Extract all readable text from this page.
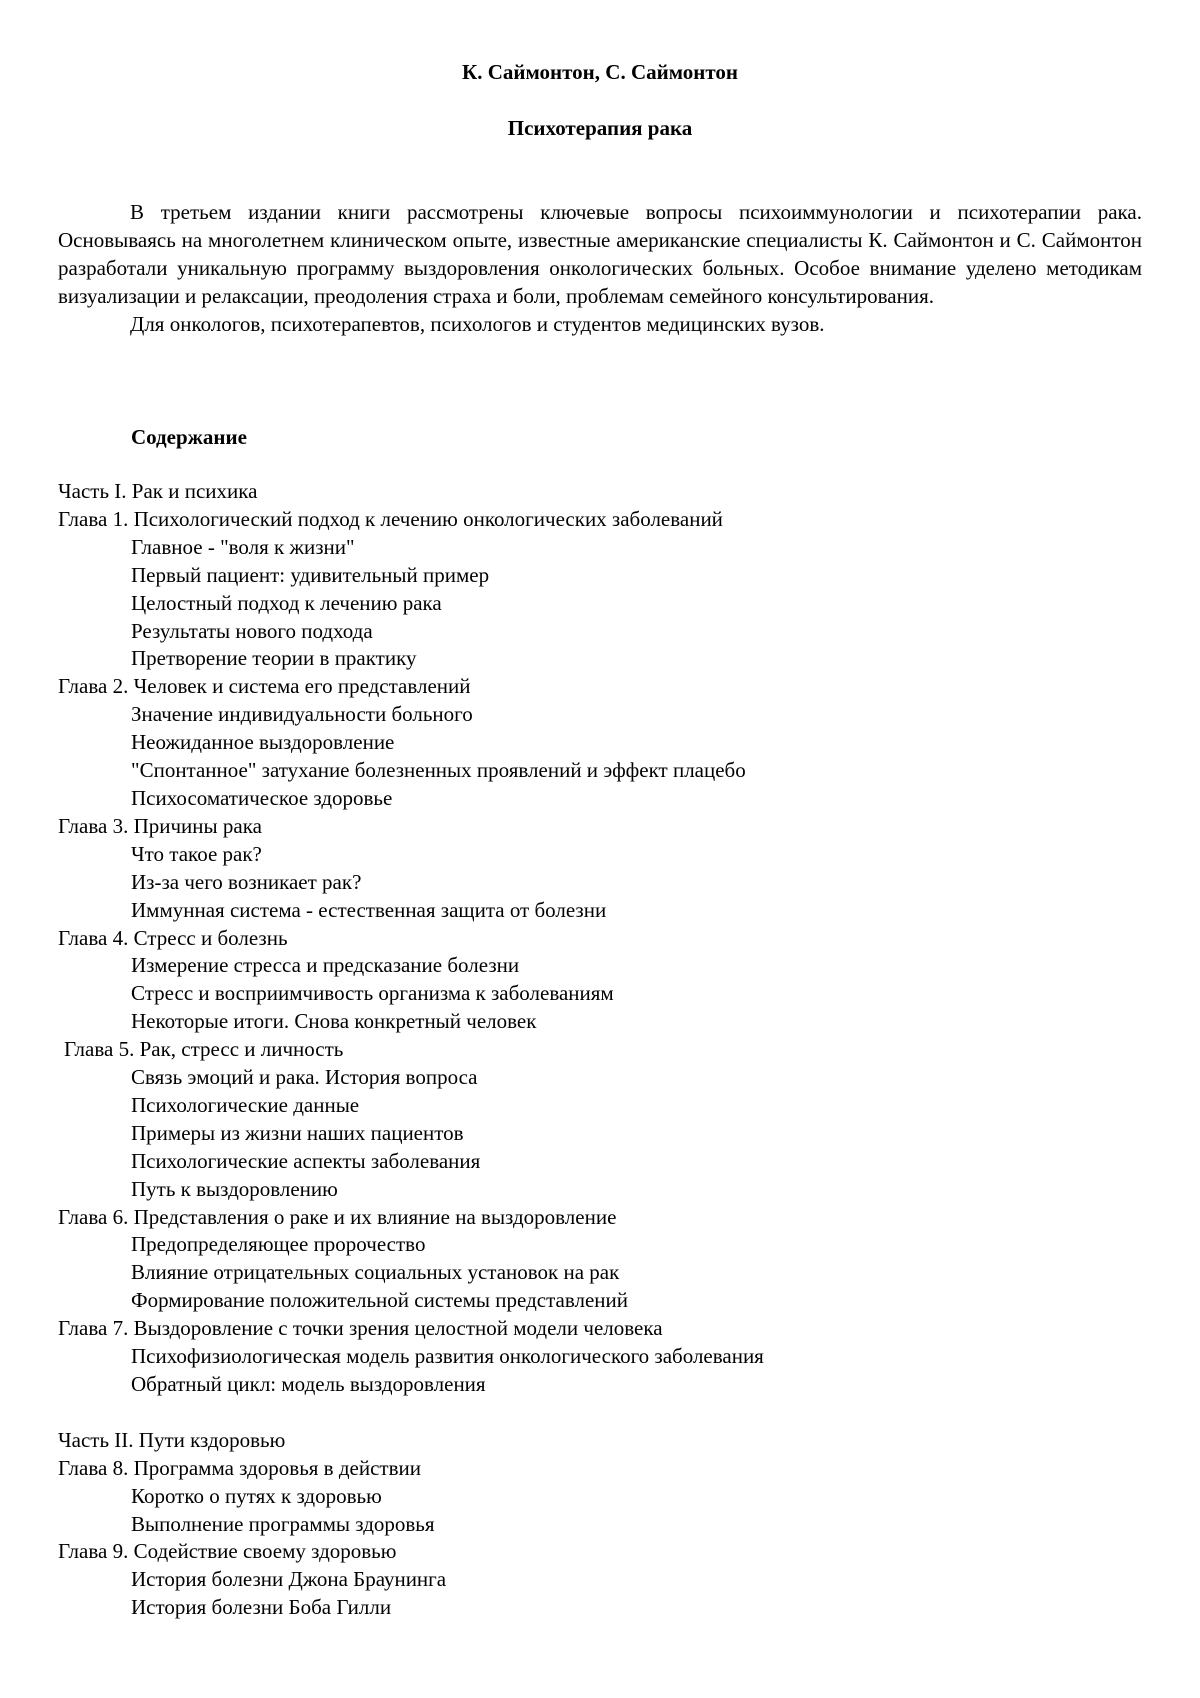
К. Саймонтон, С. Саймонтон
Психотерапия рака

В третьем издании книги рассмотрены ключевые вопросы психоиммунологии и психотерапии рака. Основываясь на многолетнем клиническом опыте, известные американские специалисты К. Саймонтон и С. Саймонтон разработали уникальную программу выздоровления онкологических больных. Особое внимание уделено методикам визуализации и релаксации, преодоления страха и боли, проблемам семейного консультирования.

Для онкологов, психотерапевтов, психологов и студентов медицинских вузов.

Содержание
Часть I. Рак и психика
Глава 1. Психологический подход к лечению онкологических заболеваний
Главное - "воля к жизни"
Первый пациент: удивительный пример
Целостный подход к лечению рака
Результаты нового подхода
Претворение теории в практику
Глава 2. Человек и система его представлений
Значение индивидуальности больного
Неожиданное выздоровление
"Спонтанное" затухание болезненных проявлений и эффект плацебо
Психосоматическое здоровье
Глава 3. Причины рака
Что такое рак?
Из-за чего возникает рак?
Иммунная система - естественная защита от болезни
Глава 4. Стресс и болезнь
Измерение стресса и предсказание болезни
Стресс и восприимчивость организма к заболеваниям
Некоторые итоги. Снова конкретный человек
Глава 5. Рак, стресс и личность
Связь эмоций и рака. История вопроса
Психологические данные
Примеры из жизни наших пациентов
Психологические аспекты заболевания
Путь к выздоровлению
Глава 6. Представления о раке и их влияние на выздоровление
Предопределяющее пророчество
Влияние отрицательных социальных установок на рак
Формирование положительной системы представлений
Глава 7. Выздоровление с точки зрения целостной модели человека
Психофизиологическая модель развития онкологического заболевания
Обратный цикл: модель выздоровления
Часть II. Пути кздоровью
Глава 8. Программа здоровья в действии
Коротко о путях к здоровью
Выполнение программы здоровья
Глава 9. Содействие своему здоровью
История болезни Джона Браунинга
История болезни Боба Гилли
